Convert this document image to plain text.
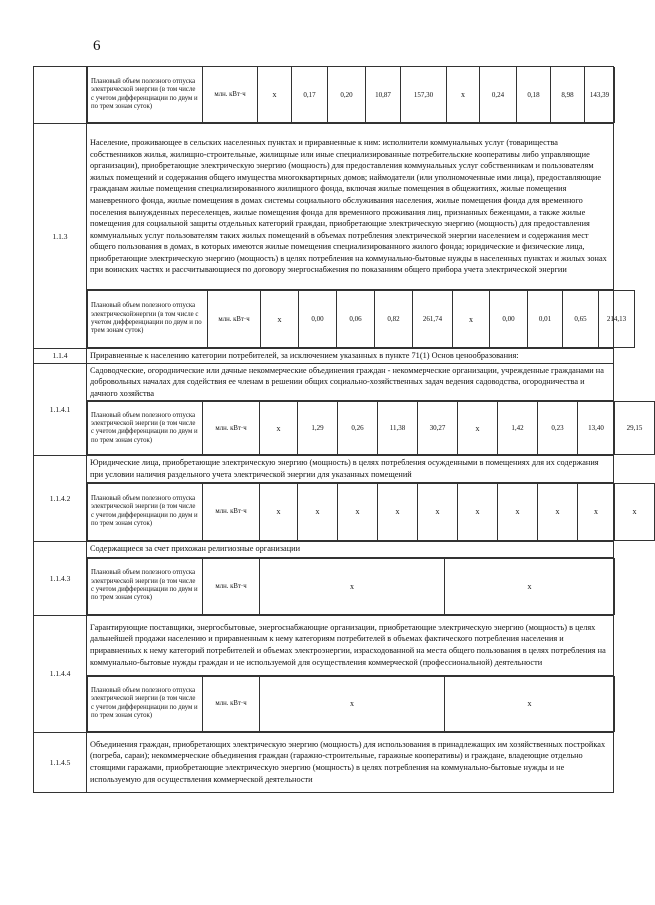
6

Плановый объем полезного отпуска электрической энергии (в том числе с учетом дифференциации по двум и по трем зонам суток)	млн. кВт·ч	x	0,17	0,20	10,87	157,30	x	0,24	0,18	8,98	143,39

1.1.3	Население, проживающее в сельских населенных пунктах и приравненные к ним: исполнители коммунальных услуг (товарищества собственников жилья, жилищно-строительные, жилищные или иные специализированные потребительские кооперативы либо управляющие организации), приобретающие электрическую энергию (мощность) для предоставления коммунальных услуг собственникам и пользователям жилых помещений и содержания общего имущества многоквартирных домов; наймодатели (или уполномоченные ими лица), предоставляющие гражданам жилые помещения специализированного жилищного фонда, включая жилые помещения в общежитиях, жилые помещения маневренного фонда, жилые помещения в домах системы социального обслуживания населения, жилые помещения фонда для временного поселения вынужденных переселенцев, жилые помещения фонда для временного проживания лиц, признанных беженцами, а также жилые помещения для социальной защиты отдельных категорий граждан, приобретающие электрическую энергию (мощность) для предоставления коммунальных услуг пользователям таких жилых помещений в объемах потребления электрической энергии населением и содержания мест общего пользования в домах, в которых имеются жилые помещения специализированного жилого фонда; юридические и физические лица, приобретающие электрическую энергию (мощность) в целях потребления на коммунально-бытовые нужды в населенных пунктах и жилых зонах при воинских частях и рассчитывающиеся по договору энергоснабжения по показаниям общего прибора учета электрической энергии

Плановый объем полезного отпуска электрическойэнергии (в том числе с учетом дифференциации по двум и по трем зонам суток)	млн. кВт·ч	x	0,00	0,06	0,82	261,74	x	0,00	0,01	0,65	214,13

1.1.4	Приравненные к населению категории потребителей, за исключением указанных в пункте 71(1) Основ ценообразования:
1.1.4.1	Садоводческие, огороднические или дачные некоммерческие объединения граждан - некоммерческие организации, учрежденные гражданами на добровольных началах для содействия ее членам в решении общих социально-хозяйственных задач ведения садоводства, огородничества и дачного хозяйства

Плановый объем полезного отпуска электрической энергии (в том числе с учетом дифференциации по двум и по трем зонам суток)	млн. кВт·ч	x	1,29	0,26	11,38	30,27	x	1,42	0,23	13,40	29,15

1.1.4.2	Юридические лица, приобретающие электрическую энергию (мощность) в целях потребления осужденными в помещениях для их содержания при условии наличия раздельного учета электрической энергии для указанных помещений

Плановый объем полезного отпуска электрической энергии (в том числе с учетом дифференциации по двум и по трем зонам суток)	млн. кВт·ч	x	x	x	x	x	x	x	x	x	x

1.1.4.3	Содержащиеся за счет прихожан религиозные организации

Плановый объем полезного отпуска электрической энергии (в том числе с учетом дифференциации по двум и по трем зонам суток)	млн. кВт·ч	x	x

1.1.4.4	Гарантирующие поставщики, энергосбытовые, энергоснабжающие организации, приобретающие электрическую энергию (мощность) в целях дальнейшей продажи населению и приравненным к нему категориям потребителей в объемах фактического потребления населения и приравненных к нему категорий потребителей и объемах электроэнергии, израсходованной на места общего пользования в целях потребления на коммунально-бытовые нужды граждан и не используемой для осуществления коммерческой (профессиональной) деятельности

Плановый объем полезного отпуска электрической энергии (в том числе с учетом дифференциации по двум и по трем зонам суток)	млн. кВт·ч	x	x

1.1.4.5	Объединения граждан, приобретающих электрическую энергию (мощность) для использования в принадлежащих им хозяйственных постройках (погреба, сараи); некоммерческие объединения граждан (гаражно-строительные, гаражные кооперативы) и граждане, владеющие отдельно стоящими гаражами, приобретающие электрическую энергию (мощность) в целях потребления на коммунально-бытовые нужды и не используемую для осуществления коммерческой деятельности
